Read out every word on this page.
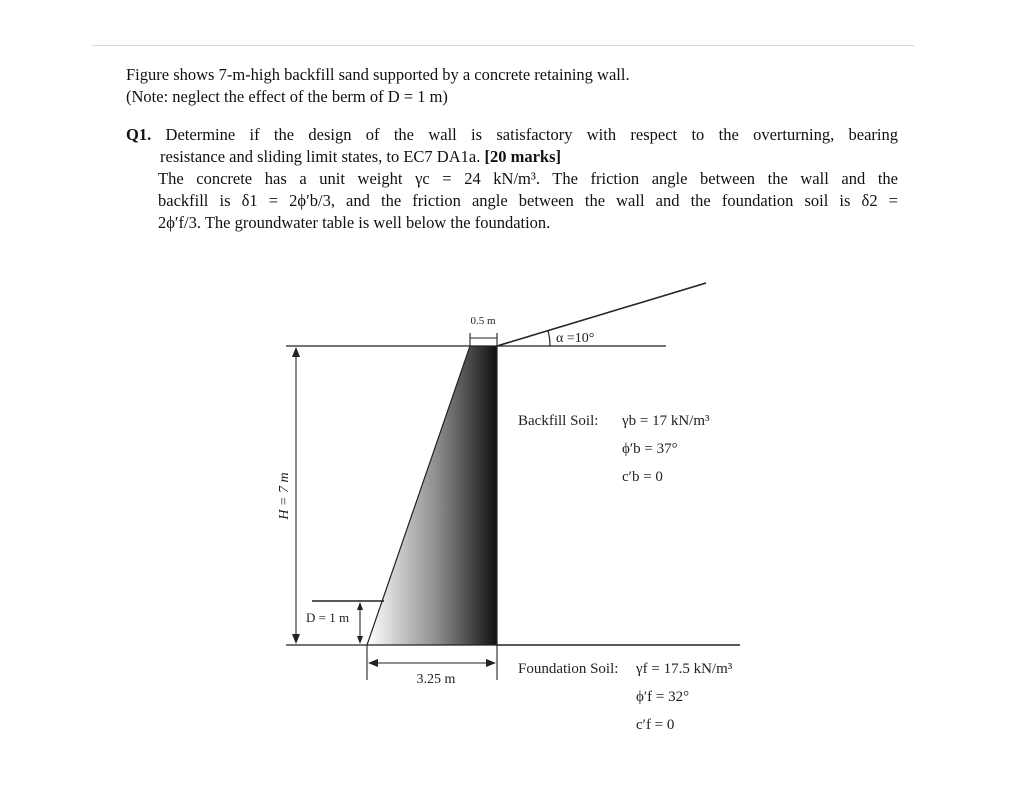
Figure shows 7-m-high backfill sand supported by a concrete retaining wall.
(Note: neglect the effect of the berm of D = 1 m)
Q1. Determine if the design of the wall is satisfactory with respect to the overturning, bearing
resistance and sliding limit states, to EC7 DA1a. [20 marks]
The concrete has a unit weight γc = 24 kN/m³. The friction angle between the wall and the
backfill is δ1 = 2ϕ′b/3, and the friction angle between the wall and the foundation soil is δ2 =
2ϕ′f/3. The groundwater table is well below the foundation.
0.5 m
α =10°
H = 7 m
D = 1 m
3.25 m
Backfill Soil: γb = 17 kN/m³
ϕ′b = 37°
c′b = 0
Foundation Soil: γf = 17.5 kN/m³
ϕ′f = 32°
c′f = 0
